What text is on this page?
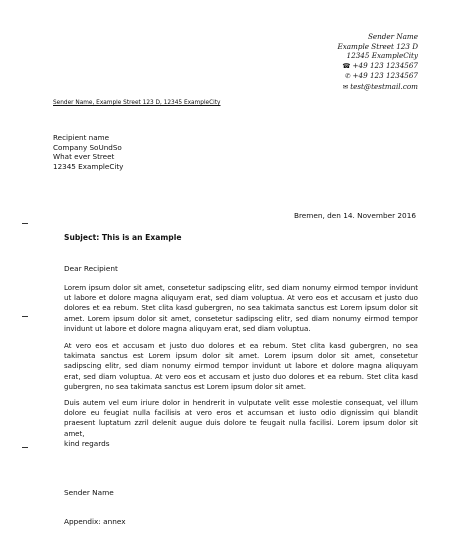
Sender Name
Example Street 123 D
12345 ExampleCity
☎ +49 123 1234567
✆ +49 123 1234567
✉ test@testmail.com
Sender Name, Example Street 123 D, 12345 ExampleCity
Recipient name
Company SoUndSo
What ever Street
12345 ExampleCity
Bremen, den 14. November 2016
Subject: This is an Example
Dear Recipient
Lorem ipsum dolor sit amet, consetetur sadipscing elitr, sed diam nonumy eirmod tempor invidunt ut labore et dolore magna aliquyam erat, sed diam voluptua. At vero eos et accusam et justo duo dolores et ea rebum. Stet clita kasd gubergren, no sea takimata sanctus est Lorem ipsum dolor sit amet. Lorem ipsum dolor sit amet, consetetur sadipscing elitr, sed diam nonumy eirmod tempor invidunt ut labore et dolore magna aliquyam erat, sed diam voluptua.
At vero eos et accusam et justo duo dolores et ea rebum. Stet clita kasd gubergren, no sea takimata sanctus est Lorem ipsum dolor sit amet. Lorem ipsum dolor sit amet, consetetur sadipscing elitr, sed diam nonumy eirmod tempor invidunt ut labore et dolore magna aliquyam erat, sed diam voluptua. At vero eos et accusam et justo duo dolores et ea rebum. Stet clita kasd gubergren, no sea takimata sanctus est Lorem ipsum dolor sit amet.
Duis autem vel eum iriure dolor in hendrerit in vulputate velit esse molestie consequat, vel illum dolore eu feugiat nulla facilisis at vero eros et accumsan et iusto odio dignissim qui blandit praesent luptatum zzril delenit augue duis dolore te feugait nulla facilisi. Lorem ipsum dolor sit amet,
kind regards
Sender Name
Appendix: annex
